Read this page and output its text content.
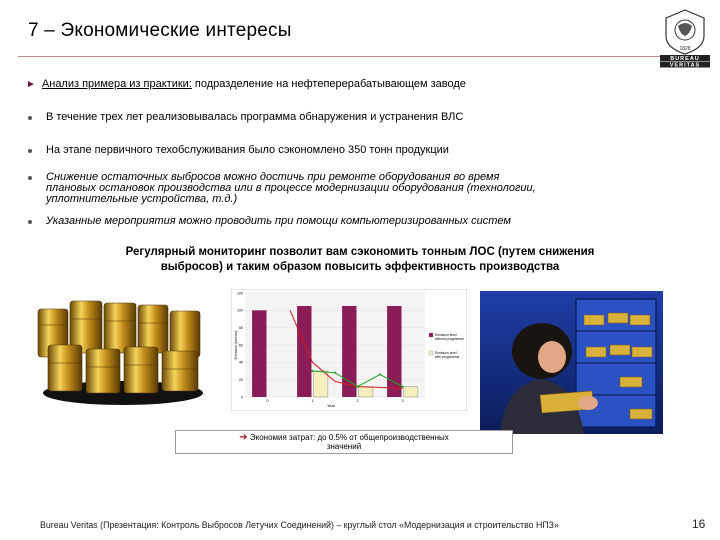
7 – Экономические интересы
1828
BUREAU
VERITAS
► Анализ примера из практики: подразделение на нефтеперерабатывающем заводе
В течение трех лет реализовывалась программа обнаружения и устранения ВЛС
На этапе первичного техобслуживания было сэкономлено 350 тонн продукции
Снижение остаточных выбросов можно достичь при ремонте оборудования во время
плановых остановок производства или в процессе модернизации оборудования (технологии,
уплотнительные устройства, т.д.)
Указанные мероприятия можно проводить при помощи компьютеризированных систем
Регулярный мониторинг позволит вам сэкономить тонным ЛОС (путем снижения
выбросов) и таким образом повысить эффективность производства
0
20
40
60
80
100
120
0	1	2	3
Year
Emission (tonnes)	Emission level
without programme
Emission level
with programme
➔ Экономия затрат: до 0.5% от общепроизводственных
значений
Bureau Veritas (Презентация: Контроль Выбросов Летучих Соединений) – круглый стол «Модернизация и строительство НПЗ»	16
